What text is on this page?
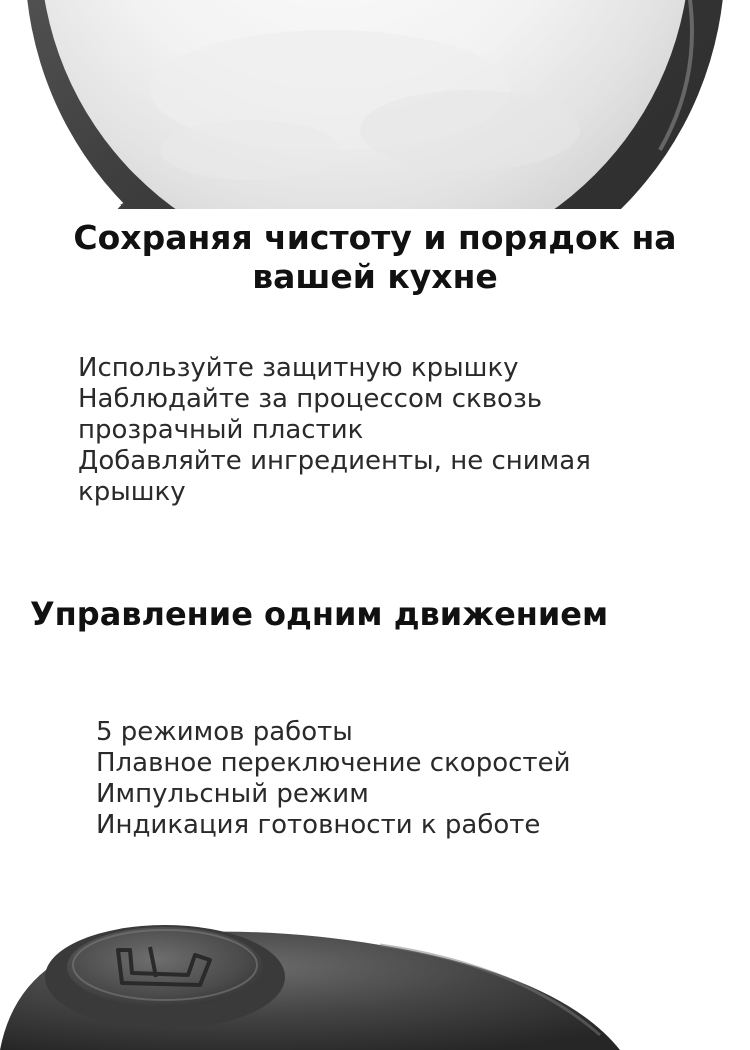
Сохраняя чистоту и порядок на вашей кухне
Используйте защитную крышку
Наблюдайте за процессом сквозь прозрачный пластик
Добавляйте ингредиенты, не снимая крышку
Управление одним движением
5 режимов работы
Плавное переключение скоростей
Импульсный режим
Индикация готовности к работе
